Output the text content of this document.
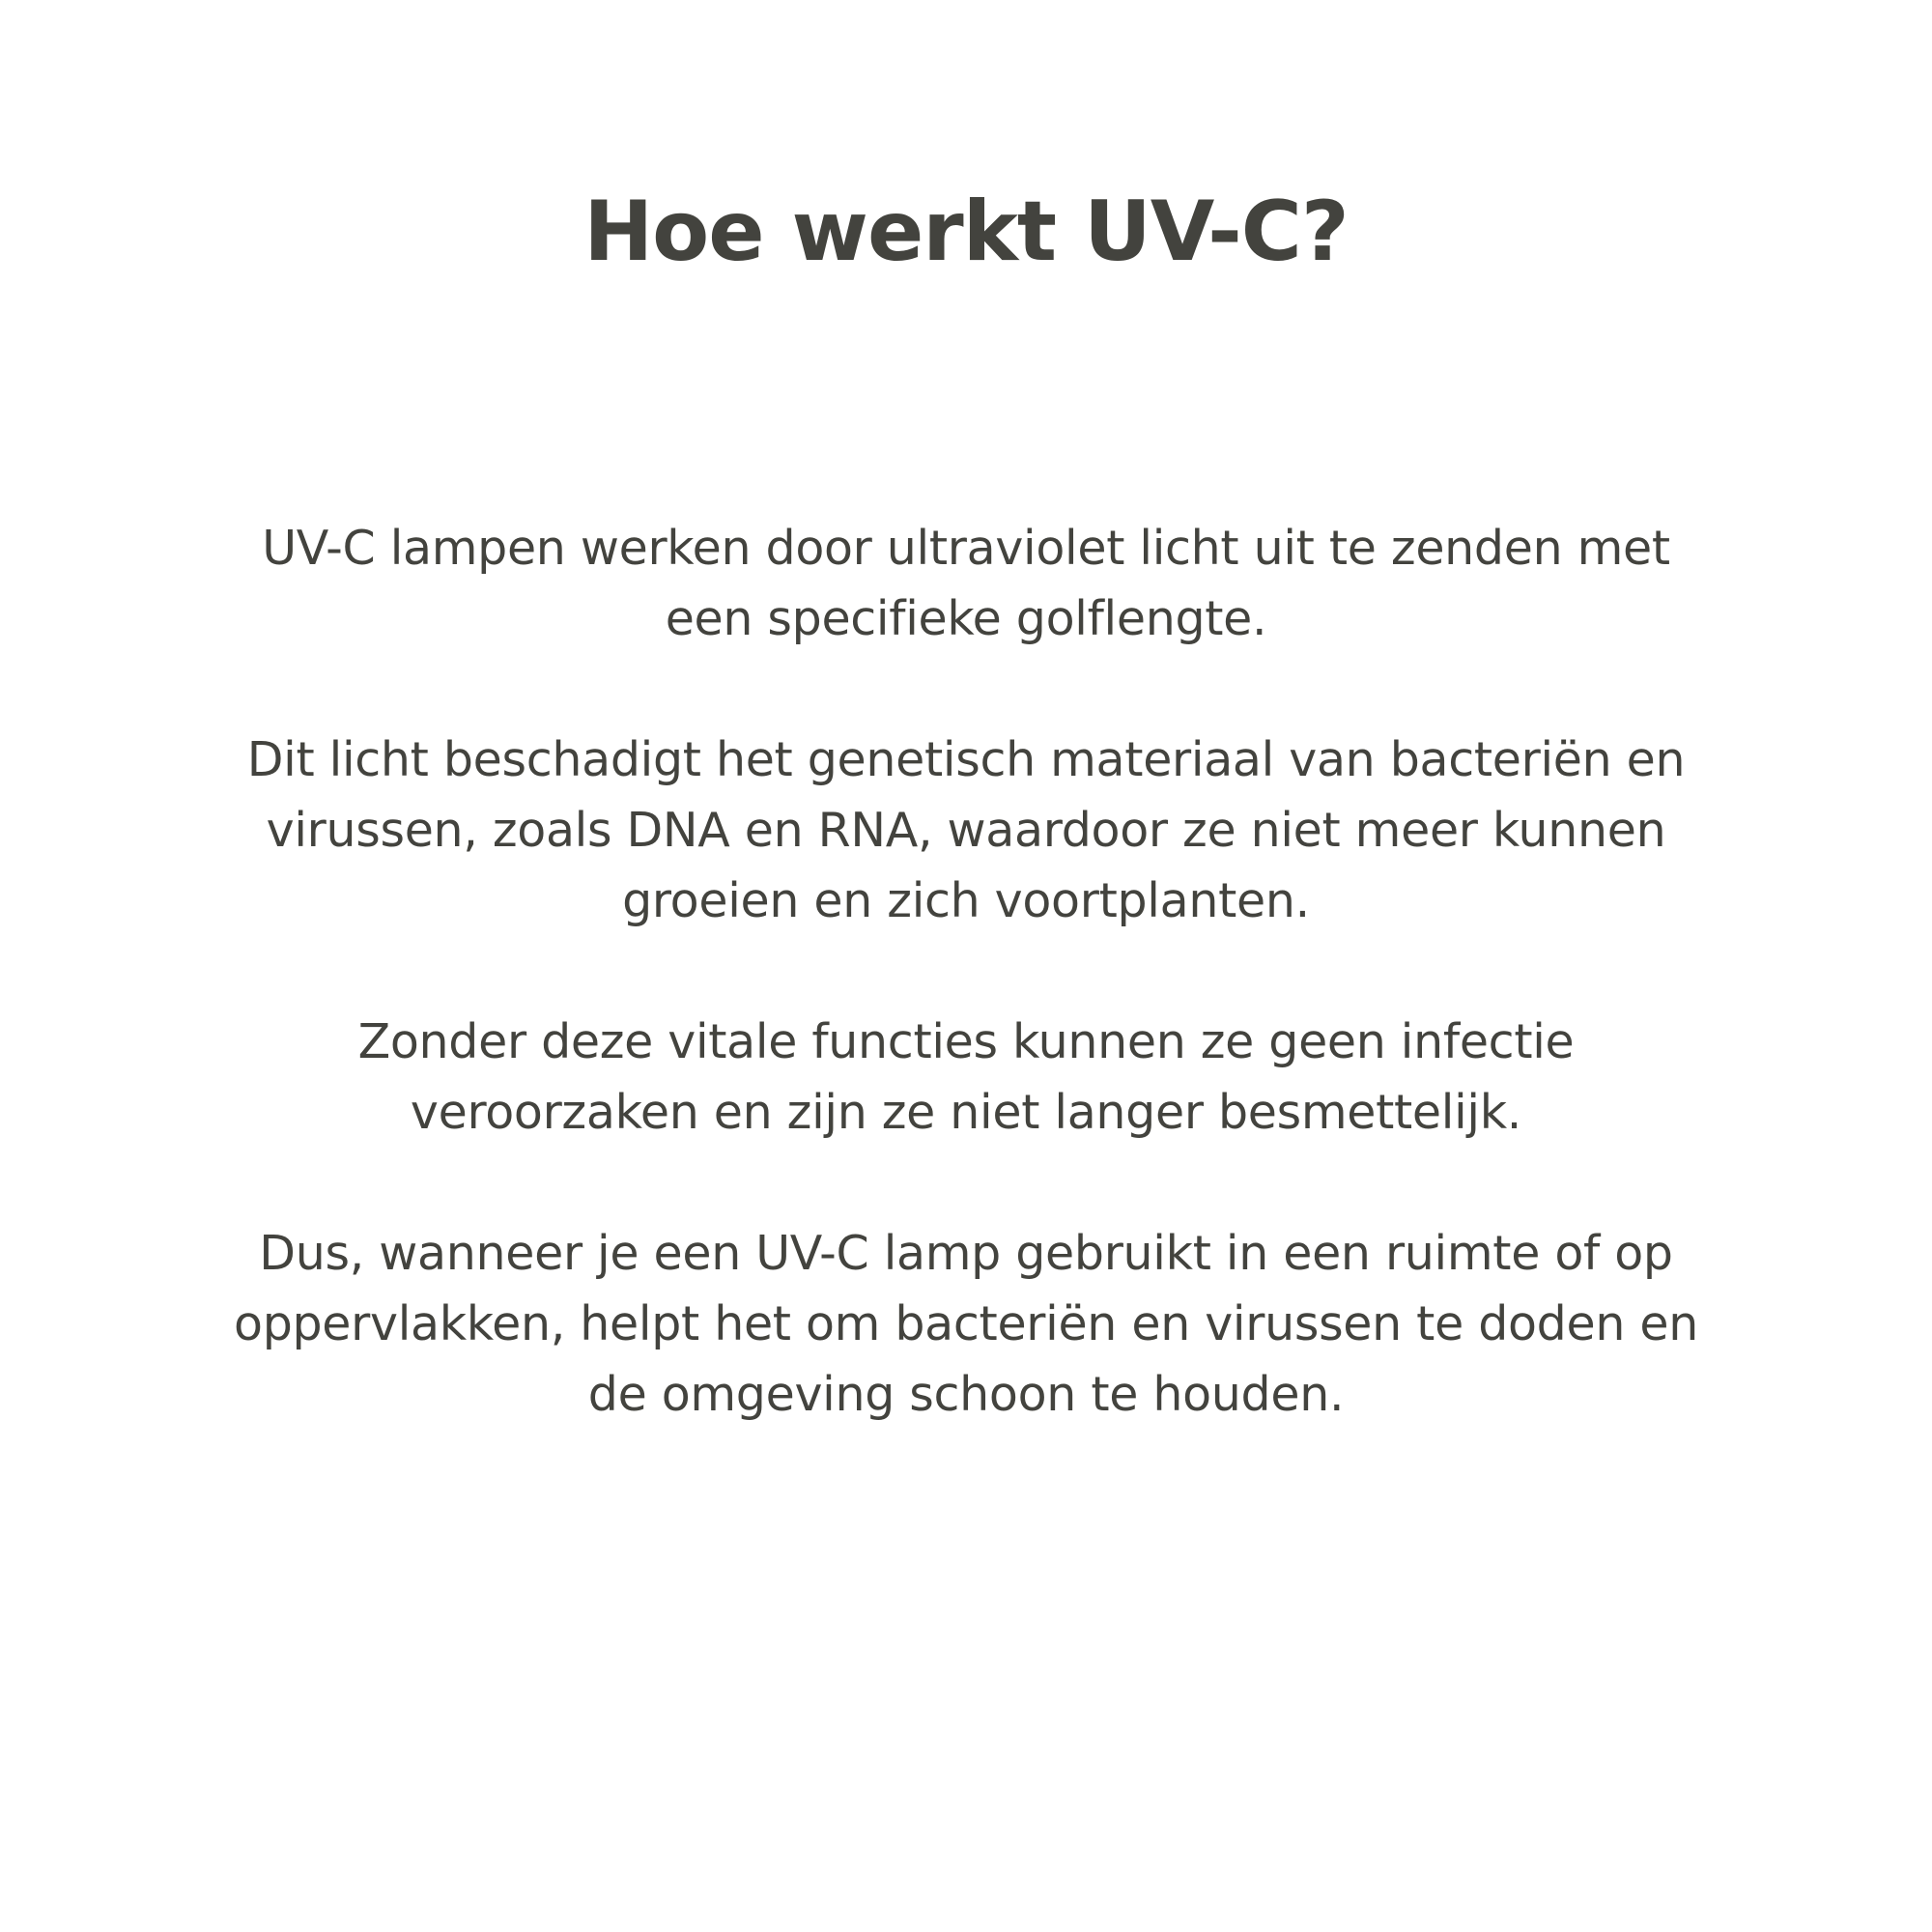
Hoe werkt UV-C?

UV-C lampen werken door ultraviolet licht uit te zenden met
een specifieke golflengte.

Dit licht beschadigt het genetisch materiaal van bacteriën en
virussen, zoals DNA en RNA, waardoor ze niet meer kunnen
groeien en zich voortplanten.

Zonder deze vitale functies kunnen ze geen infectie
veroorzaken en zijn ze niet langer besmettelijk.

Dus, wanneer je een UV-C lamp gebruikt in een ruimte of op
oppervlakken, helpt het om bacteriën en virussen te doden en
de omgeving schoon te houden.
